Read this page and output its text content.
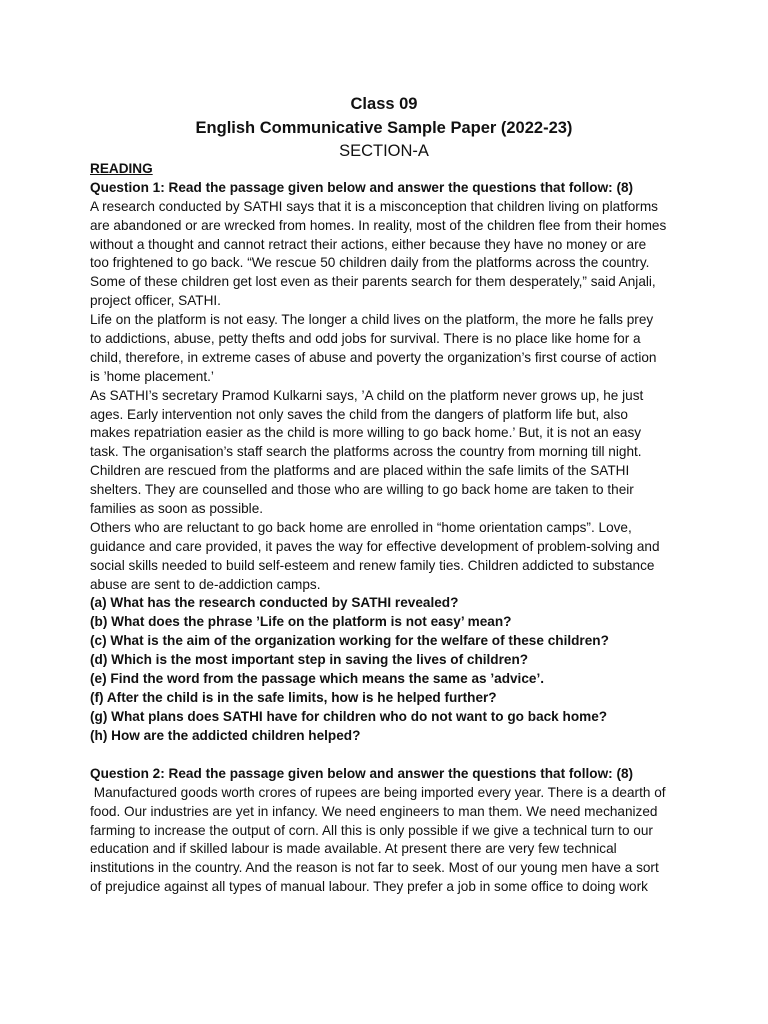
Class 09
English Communicative Sample Paper (2022-23)
SECTION-A
READING
Question 1: Read the passage given below and answer the questions that follow: (8)
A research conducted by SATHI says that it is a misconception that children living on platforms
are abandoned or are wrecked from homes. In reality, most of the children flee from their homes
without a thought and cannot retract their actions, either because they have no money or are
too frightened to go back. “We rescue 50 children daily from the platforms across the country.
Some of these children get lost even as their parents search for them desperately,” said Anjali,
project officer, SATHI.
Life on the platform is not easy. The longer a child lives on the platform, the more he falls prey
to addictions, abuse, petty thefts and odd jobs for survival. There is no place like home for a
child, therefore, in extreme cases of abuse and poverty the organization’s first course of action
is ’home placement.’
As SATHI’s secretary Pramod Kulkarni says, ’A child on the platform never grows up, he just
ages. Early intervention not only saves the child from the dangers of platform life but, also
makes repatriation easier as the child is more willing to go back home.’ But, it is not an easy
task. The organisation’s staff search the platforms across the country from morning till night.
Children are rescued from the platforms and are placed within the safe limits of the SATHI
shelters. They are counselled and those who are willing to go back home are taken to their
families as soon as possible.
Others who are reluctant to go back home are enrolled in “home orientation camps”. Love,
guidance and care provided, it paves the way for effective development of problem-solving and
social skills needed to build self-esteem and renew family ties. Children addicted to substance
abuse are sent to de-addiction camps.
(a) What has the research conducted by SATHI revealed?
(b) What does the phrase ’Life on the platform is not easy’ mean?
(c) What is the aim of the organization working for the welfare of these children?
(d) Which is the most important step in saving the lives of children?
(e) Find the word from the passage which means the same as ’advice’.
(f) After the child is in the safe limits, how is he helped further?
(g) What plans does SATHI have for children who do not want to go back home?
(h) How are the addicted children helped?
Question 2: Read the passage given below and answer the questions that follow: (8)
Manufactured goods worth crores of rupees are being imported every year. There is a dearth of
food. Our industries are yet in infancy. We need engineers to man them. We need mechanized
farming to increase the output of corn. All this is only possible if we give a technical turn to our
education and if skilled labour is made available. At present there are very few technical
institutions in the country. And the reason is not far to seek. Most of our young men have a sort
of prejudice against all types of manual labour. They prefer a job in some office to doing work
